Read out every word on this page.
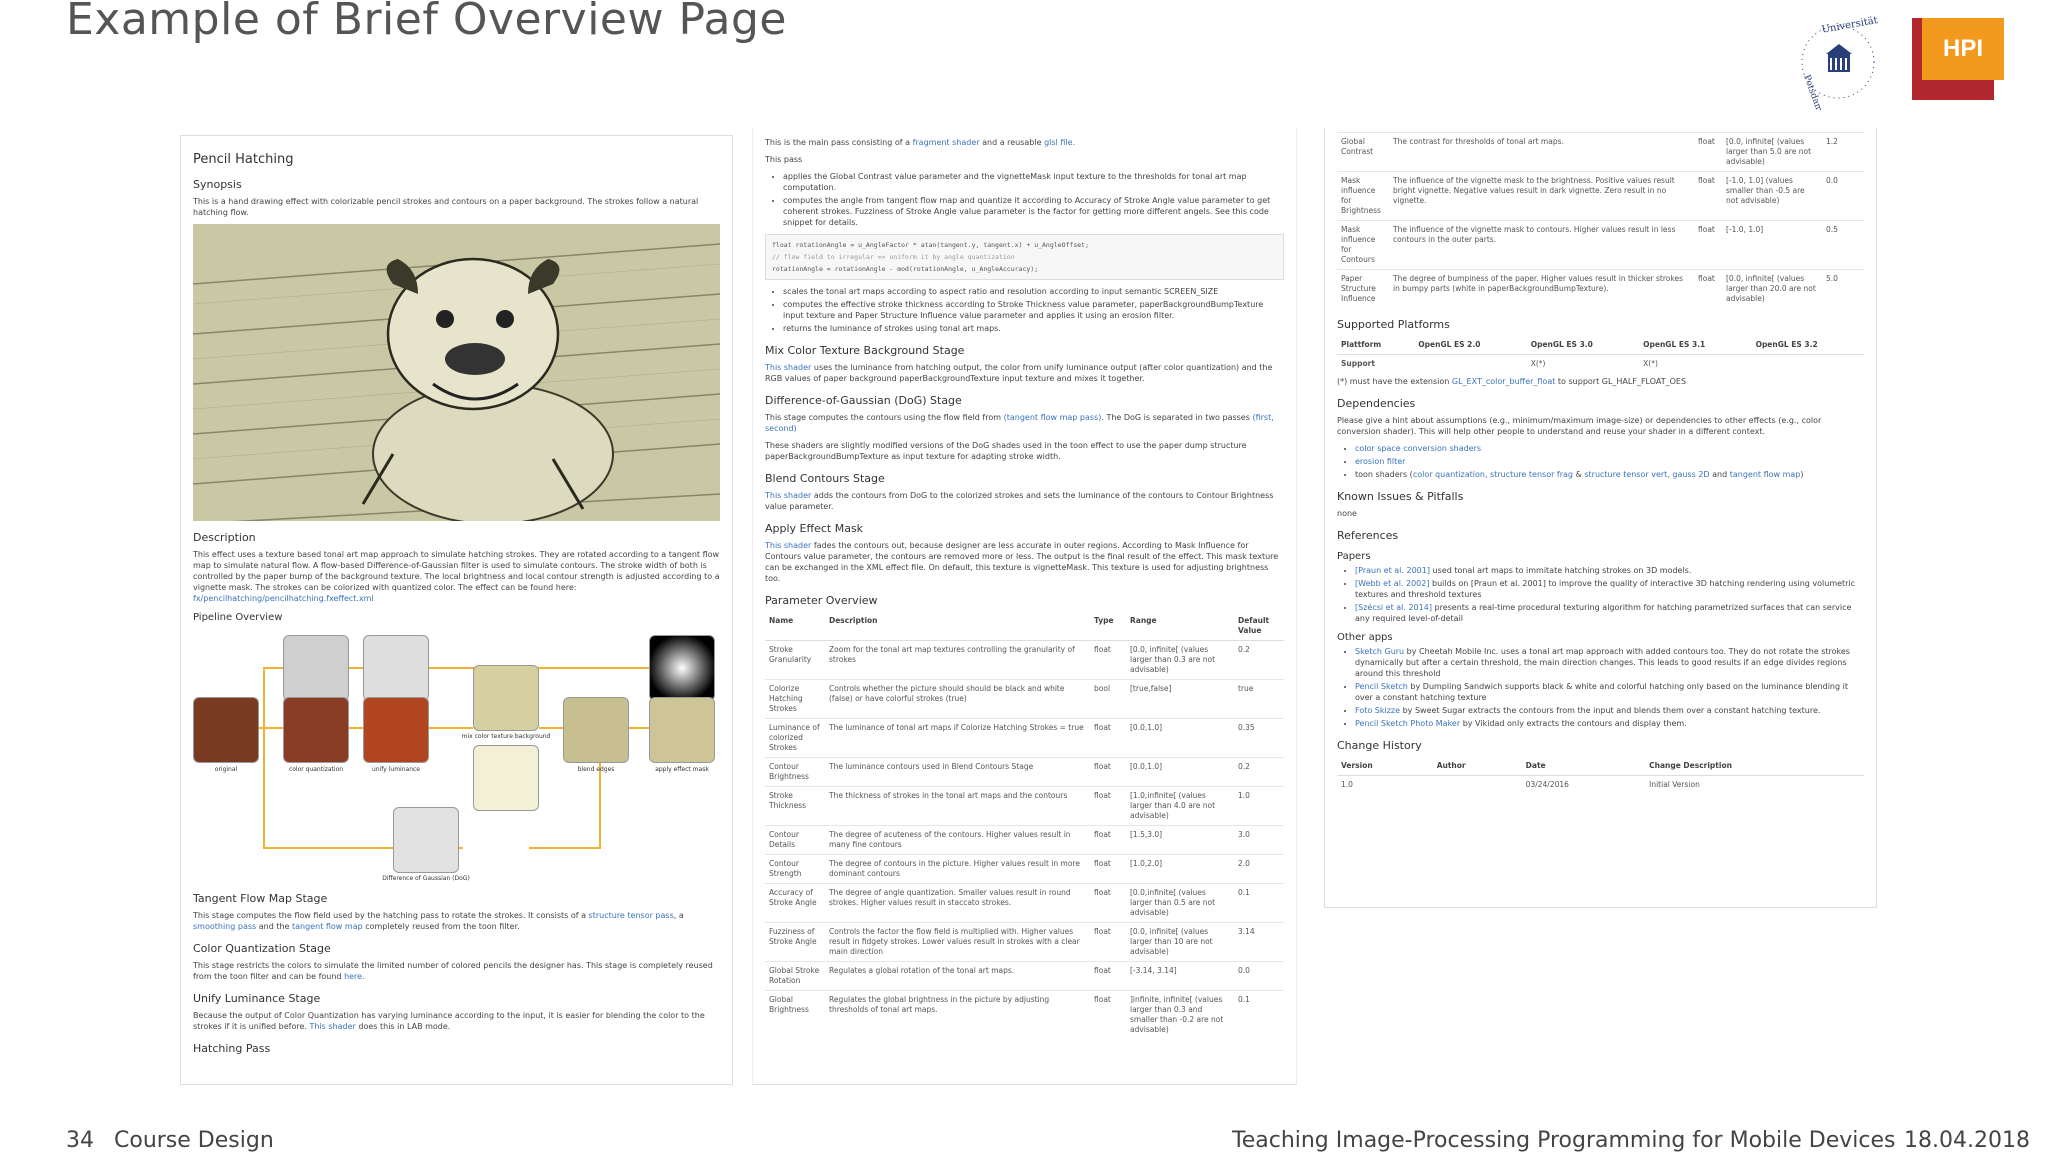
Example of Brief Overview Page	Universität
Potsdam
HPI
Pencil Hatching
Synopsis

This is a hand drawing effect with colorizable pencil strokes and contours on a paper background. The strokes follow a natural hatching flow.

Description

This effect uses a texture based tonal art map approach to simulate hatching strokes. They are rotated according to a tangent flow map to simulate natural flow. A flow-based Difference-of-Gaussian filter is used to simulate contours. The stroke width of both is controlled by the paper bump of the background texture. The local brightness and local contour strength is adjusted according to a vignette mask. The strokes can be colorized with quantized color. The effect can be found here: fx/pencilhatching/pencilhatching.fxeffect.xml

Pipeline Overview
original	color quantization	unify luminance
mix color texture background
blend edges	apply effect mask
Difference of Gaussian (DoG)
Tangent Flow Map Stage

This stage computes the flow field used by the hatching pass to rotate the strokes. It consists of a structure tensor pass, a smoothing pass and the tangent flow map completely reused from the toon filter.

Color Quantization Stage

This stage restricts the colors to simulate the limited number of colored pencils the designer has. This stage is completely reused from the toon filter and can be found here.

Unify Luminance Stage

Because the output of Color Quantization has varying luminance according to the input, it is easier for blending the color to the strokes if it is unified before. This shader does this in LAB mode.

Hatching Pass

This is the main pass consisting of a fragment shader and a reusable glsl file.

This pass

• applies the Global Contrast value parameter and the vignetteMask input texture to the thresholds for tonal art map computation.
• computes the angle from tangent flow map and quantize it according to Accuracy of Stroke Angle value parameter to get coherent strokes. Fuzziness of Stroke Angle value parameter is the factor for getting more different angels. See this code snippet for details.
float rotationAngle = u_AngleFactor * atan(tangent.y, tangent.x) + u_AngleOffset;
// flow field to irregular => uniform it by angle quantization
rotationAngle = rotationAngle - mod(rotationAngle, u_AngleAccuracy);
• scales the tonal art maps according to aspect ratio and resolution according to input semantic SCREEN_SIZE
• computes the effective stroke thickness according to Stroke Thickness value parameter, paperBackgroundBumpTexture input texture and Paper Structure Influence value parameter and applies it using an erosion filter.
• returns the luminance of strokes using tonal art maps.
Mix Color Texture Background Stage

This shader uses the luminance from hatching output, the color from unify luminance output (after color quantization) and the RGB values of paper background paperBackgroundTexture input texture and mixes it together.

Difference-of-Gaussian (DoG) Stage

This stage computes the contours using the flow field from (tangent flow map pass). The DoG is separated in two passes (first, second)

These shaders are slightly modified versions of the DoG shades used in the toon effect to use the paper dump structure paperBackgroundBumpTexture as input texture for adapting stroke width.

Blend Contours Stage

This shader adds the contours from DoG to the colorized strokes and sets the luminance of the contours to Contour Brightness value parameter.

Apply Effect Mask

This shader fades the contours out, because designer are less accurate in outer regions. According to Mask Influence for Contours value parameter, the contours are removed more or less. The output is the final result of the effect. This mask texture can be exchanged in the XML effect file. On default, this texture is vignetteMask. This texture is used for adjusting brightness too.

Parameter Overview
Name	Description	Type	Range	Default Value
Stroke Granularity	Zoom for the tonal art map textures controlling the granularity of strokes	float	[0.0, infinite[ (values larger than 0.3 are not advisable)	0.2
Colorize Hatching Strokes	Controls whether the picture should should be black and white (false) or have colorful strokes (true)	bool	[true,false]	true
Luminance of colorized Strokes	The luminance of tonal art maps if Colorize Hatching Strokes = true	float	[0.0,1.0]	0.35
Contour Brightness	The luminance contours used in Blend Contours Stage	float	[0.0,1.0]	0.2
Stroke Thickness	The thickness of strokes in the tonal art maps and the contours	float	[1.0,infinite[ (values larger than 4.0 are not advisable)	1.0
Contour Details	The degree of acuteness of the contours. Higher values result in many fine contours	float	[1.5,3.0]	3.0
Contour Strength	The degree of contours in the picture. Higher values result in more dominant contours	float	[1.0,2.0]	2.0
Accuracy of Stroke Angle	The degree of angle quantization. Smaller values result in round strokes. Higher values result in staccato strokes.	float	[0.0,infinite[ (values larger than 0.5 are not advisable)	0.1
Fuzziness of Stroke Angle	Controls the factor the flow field is multiplied with. Higher values result in fidgety strokes. Lower values result in strokes with a clear main direction	float	[0.0, infinite[ (values larger than 10 are not advisable)	3.14
Global Stroke Rotation	Regulates a global rotation of the tonal art maps.	float	[-3.14, 3.14]	0.0
Global Brightness	Regulates the global brightness in the picture by adjusting thresholds of tonal art maps.	float	]infinite, infinite[ (values larger than 0.3 and smaller than -0.2 are not advisable)	0.1
Global Contrast	The contrast for thresholds of tonal art maps.	float	[0.0, infinite[ (values larger than 5.0 are not advisable)	1.2
Mask influence for Brightness	The influence of the vignette mask to the brightness. Positive values result bright vignette. Negative values result in dark vignette. Zero result in no vignette.	float	[-1.0, 1.0] (values smaller than -0.5 are not advisable)	0.0
Mask influence for Contours	The influence of the vignette mask to contours. Higher values result in less contours in the outer parts.	float	[-1.0, 1.0]	0.5
Paper Structure Influence	The degree of bumpiness of the paper. Higher values result in thicker strokes in bumpy parts (white in paperBackgroundBumpTexture).	float	[0.0, infinite[ (values larger than 20.0 are not advisable)	5.0
Supported Platforms
Plattform	OpenGL ES 2.0	OpenGL ES 3.0	OpenGL ES 3.1	OpenGL ES 3.2
Support		X(*)	X(*)	

(*) must have the extension GL_EXT_color_buffer_float to support GL_HALF_FLOAT_OES

Dependencies

Please give a hint about assumptions (e.g., minimum/maximum image-size) or dependencies to other effects (e.g., color conversion shader). This will help other people to understand and reuse your shader in a different context.

• color space conversion shaders
• erosion filter
• toon shaders (color quantization, structure tensor frag & structure tensor vert, gauss 2D and tangent flow map)
Known Issues & Pitfalls

none

References
Papers
• [Praun et al. 2001] used tonal art maps to immitate hatching strokes on 3D models.
• [Webb et al. 2002] builds on [Praun et al. 2001] to improve the quality of interactive 3D hatching rendering using volumetric textures and threshold textures
• [Szécsi et al. 2014] presents a real-time procedural texturing algorithm for hatching parametrized surfaces that can service any required level-of-detail
Other apps
• Sketch Guru by Cheetah Mobile Inc. uses a tonal art map approach with added contours too. They do not rotate the strokes dynamically but after a certain threshold, the main direction changes. This leads to good results if an edge divides regions around this threshold
• Pencil Sketch by Dumpling Sandwich supports black & white and colorful hatching only based on the luminance blending it over a constant hatching texture
• Foto Skizze by Sweet Sugar extracts the contours from the input and blends them over a constant hatching texture.
• Pencil Sketch Photo Maker by Vikidad only extracts the contours and display them.
Change History
Version	Author	Date	Change Description
1.0		03/24/2016	Initial Version
34 Course Design	Teaching Image-Processing Programming for Mobile Devices 18.04.2018
